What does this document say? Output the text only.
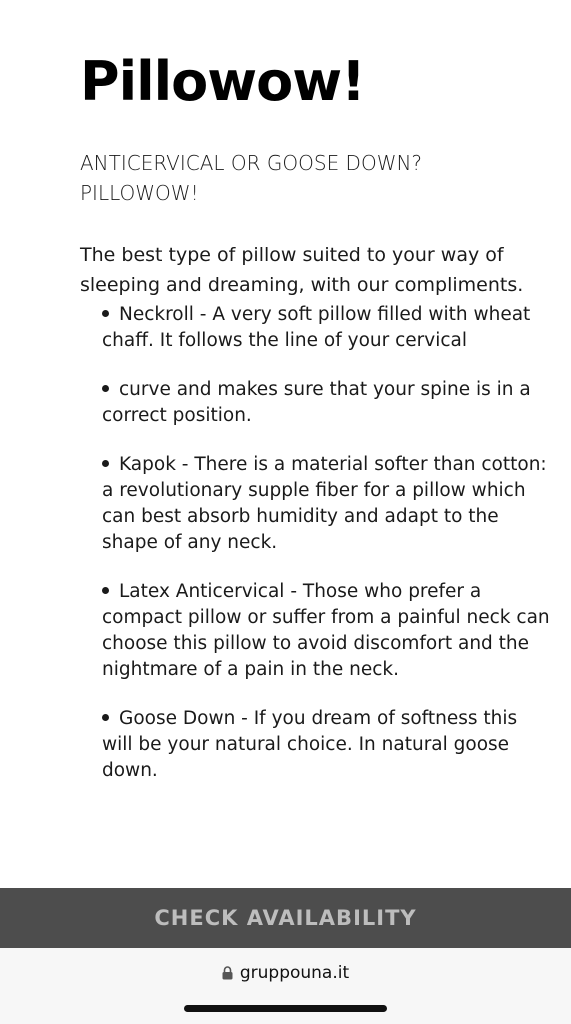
Pillowow!
ANTICERVICAL OR GOOSE DOWN? PILLOWOW!
The best type of pillow suited to your way of sleeping and dreaming, with our compliments.
Neckroll - A very soft pillow filled with wheat chaff. It follows the line of your cervical
curve and makes sure that your spine is in a correct position.
Kapok - There is a material softer than cotton: a revolutionary supple fiber for a pillow which can best absorb humidity and adapt to the shape of any neck.
Latex Anticervical - Those who prefer a compact pillow or suffer from a painful neck can choose this pillow to avoid discomfort and the nightmare of a pain in the neck.
Goose Down - If you dream of softness this will be your natural choice. In natural goose down.
CHECK AVAILABILITY
gruppouna.it
